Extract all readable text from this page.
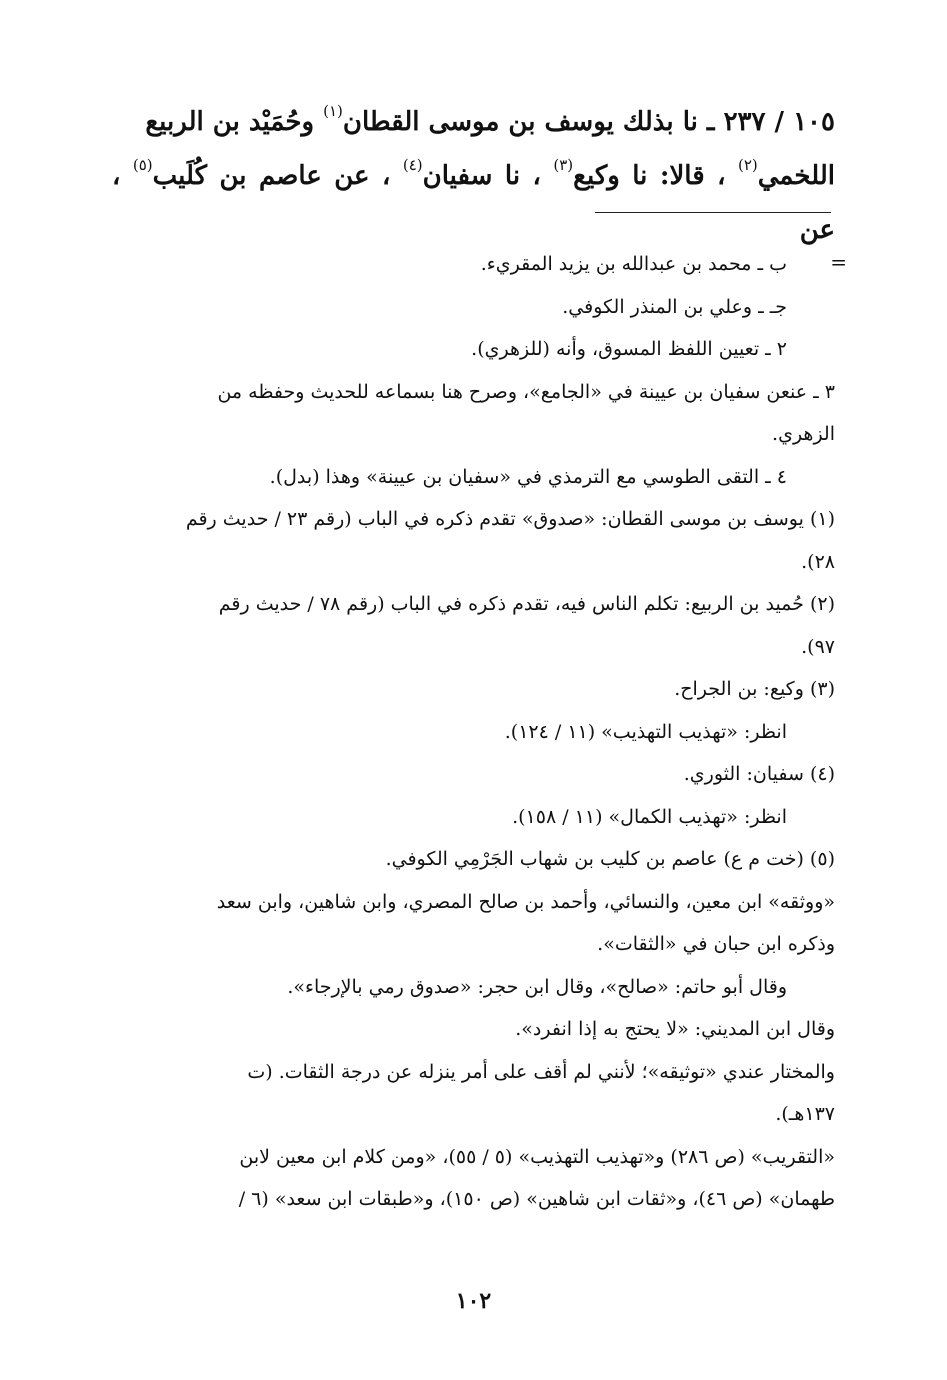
١٠٥ / ٢٣٧ ـ نا بذلك يوسف بن موسى القطان$^{(١)}$ وحُمَيْد بن الربيع
اللخمي$^{(٢)}$ ، قالا: نا وكيع$^{(٣)}$ ، نا سفيان$^{(٤)}$ ، عن عاصم بن كُلَيب$^{(٥)}$ ، عن
=

ب ـ محمد بن عبدالله بن يزيد المقريء.

جـ ـ وعلي بن المنذر الكوفي.

٢ ـ تعيين اللفظ المسوق، وأنه (للزهري).

٣ ـ عنعن سفيان بن عيينة في «الجامع»، وصرح هنا بسماعه للحديث وحفظه من

الزهري.

٤ ـ التقى الطوسي مع الترمذي في «سفيان بن عيينة» وهذا (بدل).

(١) يوسف بن موسى القطان: «صدوق» تقدم ذكره في الباب (رقم ٢٣ / حديث رقم

٢٨).

(٢) حُميد بن الربيع: تكلم الناس فيه، تقدم ذكره في الباب (رقم ٧٨ / حديث رقم

٩٧).

(٣) وكيع: بن الجراح.

انظر: «تهذيب التهذيب» (١١ / ١٢٤).

(٤) سفيان: الثوري.

انظر: «تهذيب الكمال» (١١ / ١٥٨).

(٥) (خت م ع) عاصم بن كليب بن شهاب الجَرْمِي الكوفي.

«ووثقه» ابن معين، والنسائي، وأحمد بن صالح المصري، وابن شاهين، وابن سعد

وذكره ابن حبان في «الثقات».

وقال أبو حاتم: «صالح»، وقال ابن حجر: «صدوق رمي بالإرجاء».

وقال ابن المديني: «لا يحتج به إذا انفرد».

والمختار عندي «توثيقه»؛ لأنني لم أقف على أمر ينزله عن درجة الثقات. (ت

١٣٧هـ).

«التقريب» (ص ٢٨٦) و«تهذيب التهذيب» (٥ / ٥٥)، «ومن كلام ابن معين لابن

طهمان» (ص ٤٦)، و«ثقات ابن شاهين» (ص ١٥٠)، و«طبقات ابن سعد» (٦ /

١٠٢
